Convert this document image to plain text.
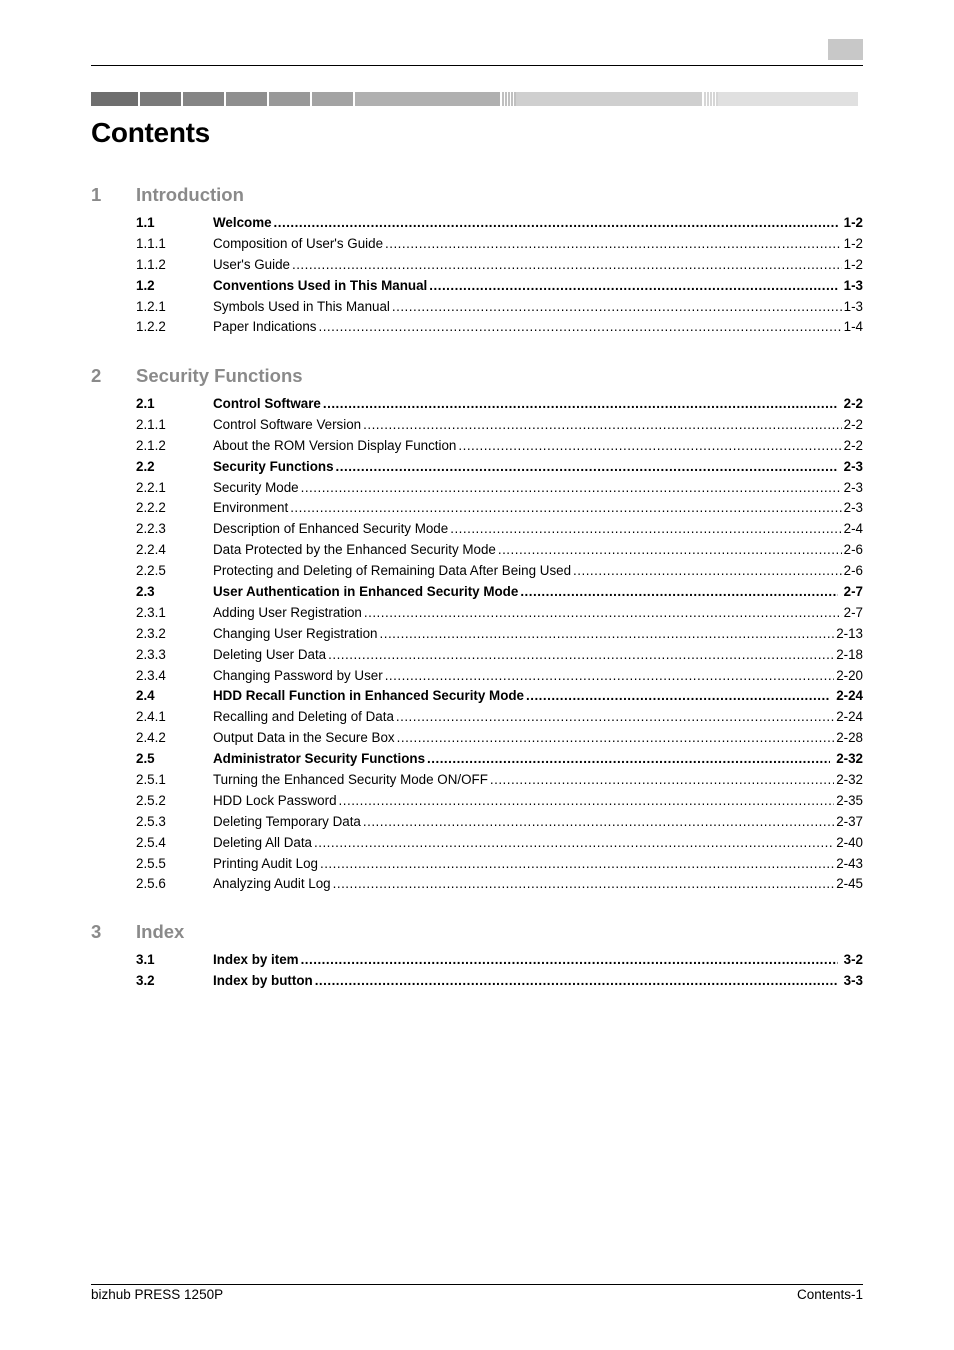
Contents
1 Introduction
1.1	Welcome .....	1-2
1.1.1	Composition of User's Guide .....	1-2
1.1.2	User's Guide .....	1-2
1.2	Conventions Used in This Manual .....	1-3
1.2.1	Symbols Used in This Manual .....	1-3
1.2.2	Paper Indications .....	1-4
2 Security Functions
2.1	Control Software .....	2-2
2.1.1	Control Software Version .....	2-2
2.1.2	About the ROM Version Display Function .....	2-2
2.2	Security Functions .....	2-3
2.2.1	Security Mode .....	2-3
2.2.2	Environment .....	2-3
2.2.3	Description of Enhanced Security Mode .....	2-4
2.2.4	Data Protected by the Enhanced Security Mode .....	2-6
2.2.5	Protecting and Deleting of Remaining Data After Being Used .....	2-6
2.3	User Authentication in Enhanced Security Mode .....	2-7
2.3.1	Adding User Registration .....	2-7
2.3.2	Changing User Registration .....	2-13
2.3.3	Deleting User Data .....	2-18
2.3.4	Changing Password by User .....	2-20
2.4	HDD Recall Function in Enhanced Security Mode .....	2-24
2.4.1	Recalling and Deleting of Data .....	2-24
2.4.2	Output Data in the Secure Box .....	2-28
2.5	Administrator Security Functions .....	2-32
2.5.1	Turning the Enhanced Security Mode ON/OFF .....	2-32
2.5.2	HDD Lock Password .....	2-35
2.5.3	Deleting Temporary Data .....	2-37
2.5.4	Deleting All Data .....	2-40
2.5.5	Printing Audit Log .....	2-43
2.5.6	Analyzing Audit Log .....	2-45
3 Index
3.1	Index by item .....	3-2
3.2	Index by button .....	3-3
bizhub PRESS 1250P	Contents-1
